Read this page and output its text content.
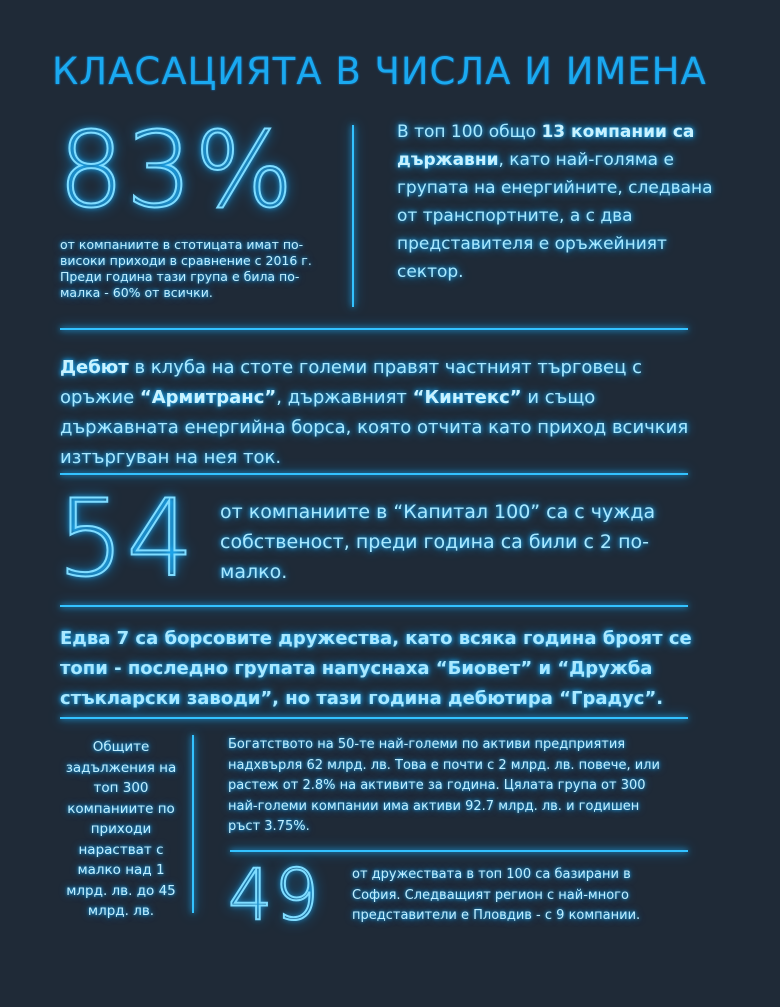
КЛАСАЦИЯТА В ЧИСЛА И ИМЕНА
83%
от компаниите в стотицата имат по-високи приходи в сравнение с 2016 г. Преди година тази група е била по-малка - 60% от всички.
В топ 100 общо 13 компании са държавни, като най-голяма е групата на енергийните, следвана от транспортните, а с два представителя е оръжейният сектор.
Дебют в клуба на стоте големи правят частният търговец с оръжие “Армитранс”, държавният “Кинтекс” и също държавната енергийна борса, която отчита като приход всичкия изтъргуван на нея ток.
54 от компаниите в “Капитал 100” са с чужда собственост, преди година са били с 2 по-малко.
Едва 7 са борсовите дружества, като всяка година броят се топи - последно групата напуснаха “Биовет” и “Дружба стъкларски заводи”, но тази година дебютира “Градус”.
Общите задължения на топ 300 компаниите по приходи нарастват с малко над 1 млрд. лв. до 45 млрд. лв.
Богатството на 50-те най-големи по активи предприятия надхвърля 62 млрд. лв. Това е почти с 2 млрд. лв. повече, или растеж от 2.8% на активите за година. Цялата група от 300 най-големи компании има активи 92.7 млрд. лв. и годишен ръст 3.75%.
49 от дружествата в топ 100 са базирани в София. Следващият регион с най-много представители е Пловдив - с 9 компании.
